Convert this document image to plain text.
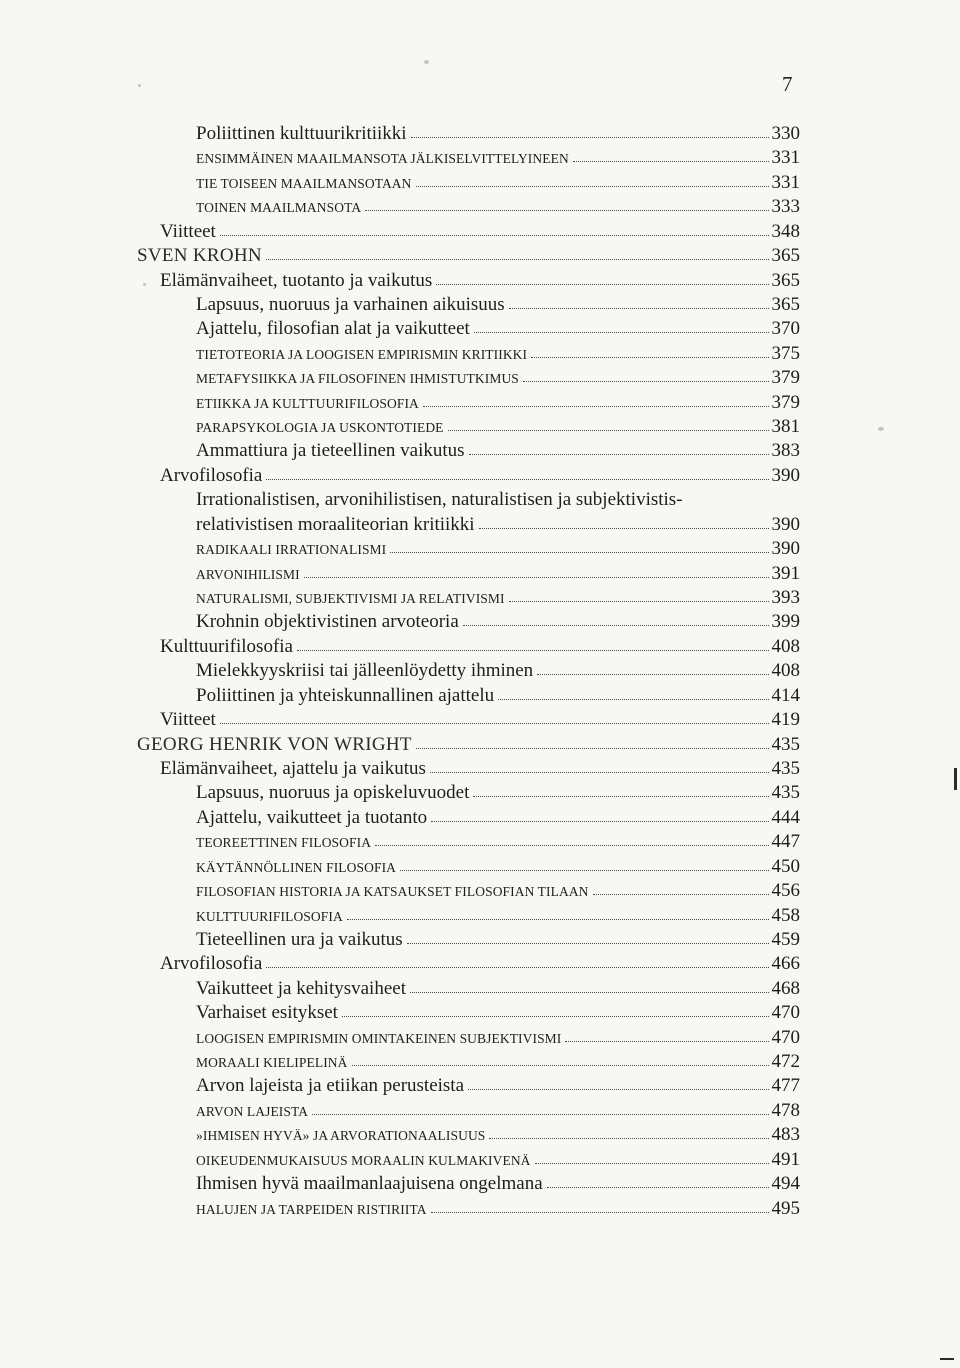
7
Poliittinen kulttuurikritiikki	330
ENSIMMÄINEN MAAILMANSOTA JÄLKISELVITTELYINEEN	331
TIE TOISEEN MAAILMANSOTAAN	331
TOINEN MAAILMANSOTA	333
Viitteet	348
SVEN KROHN	365
Elämänvaiheet, tuotanto ja vaikutus	365
Lapsuus, nuoruus ja varhainen aikuisuus	365
Ajattelu, filosofian alat ja vaikutteet	370
TIETOTEORIA JA LOOGISEN EMPIRISMIN KRITIIKKI	375
METAFYSIIKKA JA FILOSOFINEN IHMISTUTKIMUS	379
ETIIKKA JA KULTTUURIFILOSOFIA	379
PARAPSYKOLOGIA JA USKONTOTIEDE	381
Ammattiura ja tieteellinen vaikutus	383
Arvofilosofia	390
Irrationalistisen, arvonihilistisen, naturalistisen ja subjektivistis-
relativistisen moraaliteorian kritiikki	390
RADIKAALI IRRATIONALISMI	390
ARVONIHILISMI	391
NATURALISMI, SUBJEKTIVISMI JA RELATIVISMI	393
Krohnin objektivistinen arvoteoria	399
Kulttuurifilosofia	408
Mielekkyyskriisi tai jälleenlöydetty ihminen	408
Poliittinen ja yhteiskunnallinen ajattelu	414
Viitteet	419
GEORG HENRIK VON WRIGHT	435
Elämänvaiheet, ajattelu ja vaikutus	435
Lapsuus, nuoruus ja opiskeluvuodet	435
Ajattelu, vaikutteet ja tuotanto	444
TEOREETTINEN FILOSOFIA	447
KÄYTÄNNÖLLINEN FILOSOFIA	450
FILOSOFIAN HISTORIA JA KATSAUKSET FILOSOFIAN TILAAN	456
KULTTUURIFILOSOFIA	458
Tieteellinen ura ja vaikutus	459
Arvofilosofia	466
Vaikutteet ja kehitysvaiheet	468
Varhaiset esitykset	470
LOOGISEN EMPIRISMIN OMINTAKEINEN SUBJEKTIVISMI	470
MORAALI KIELIPELINÄ	472
Arvon lajeista ja etiikan perusteista	477
ARVON LAJEISTA	478
»IHMISEN HYVÄ» JA ARVORATIONAALISUUS	483
OIKEUDENMUKAISUUS MORAALIN KULMAKIVENÄ	491
Ihmisen hyvä maailmanlaajuisena ongelmana	494
HALUJEN JA TARPEIDEN RISTIRIITA	495
